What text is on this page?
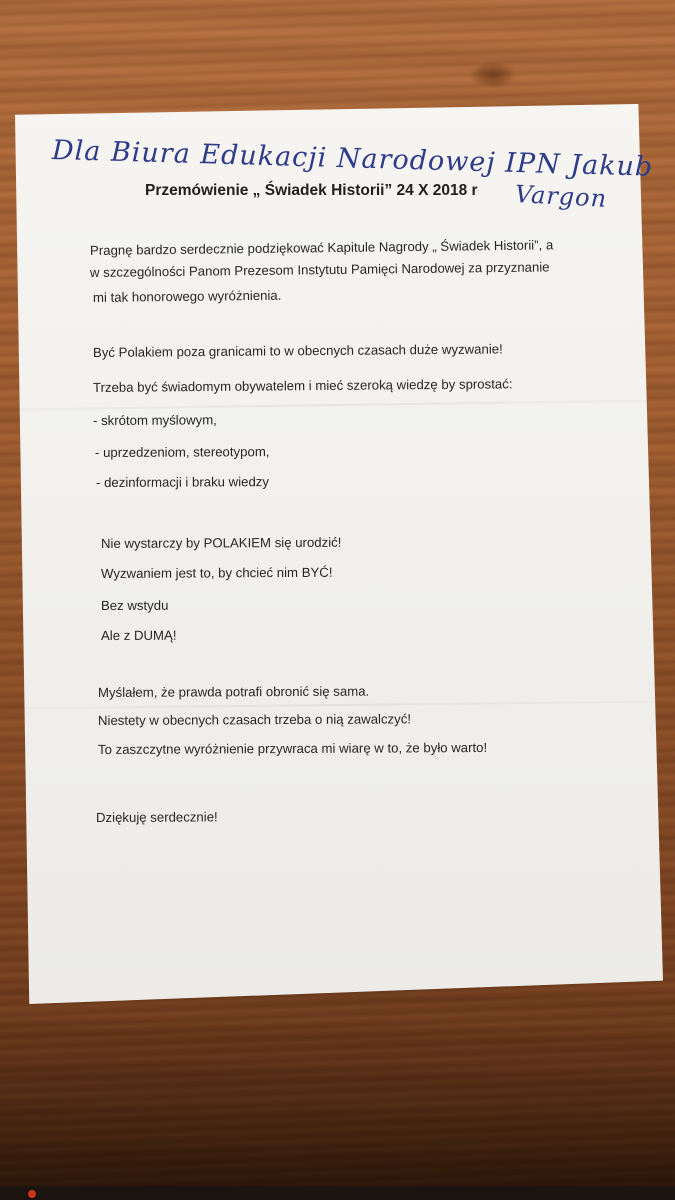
Dla Biura Edukacji Narodowej IPN Jakub
Vargon
Przemówienie „ Świadek Historii” 24 X 2018 r
Pragnę bardzo serdecznie podziękować Kapitule Nagrody „ Świadek Historii”, a
w szczególności Panom Prezesom Instytutu Pamięci Narodowej za przyznanie
mi tak honorowego wyróżnienia.
Być Polakiem poza granicami to w obecnych czasach duże wyzwanie!
Trzeba być świadomym obywatelem i mieć szeroką wiedzę by sprostać:
- skrótom myślowym,
- uprzedzeniom, stereotypom,
- dezinformacji i braku wiedzy
Nie wystarczy by POLAKIEM się urodzić!
Wyzwaniem jest to, by chcieć nim BYĆ!
Bez wstydu
Ale z DUMĄ!
Myślałem, że prawda potrafi obronić się sama.
Niestety w obecnych czasach trzeba o nią zawalczyć!
To zaszczytne wyróżnienie przywraca mi wiarę w to, że było warto!
Dziękuję serdecznie!
